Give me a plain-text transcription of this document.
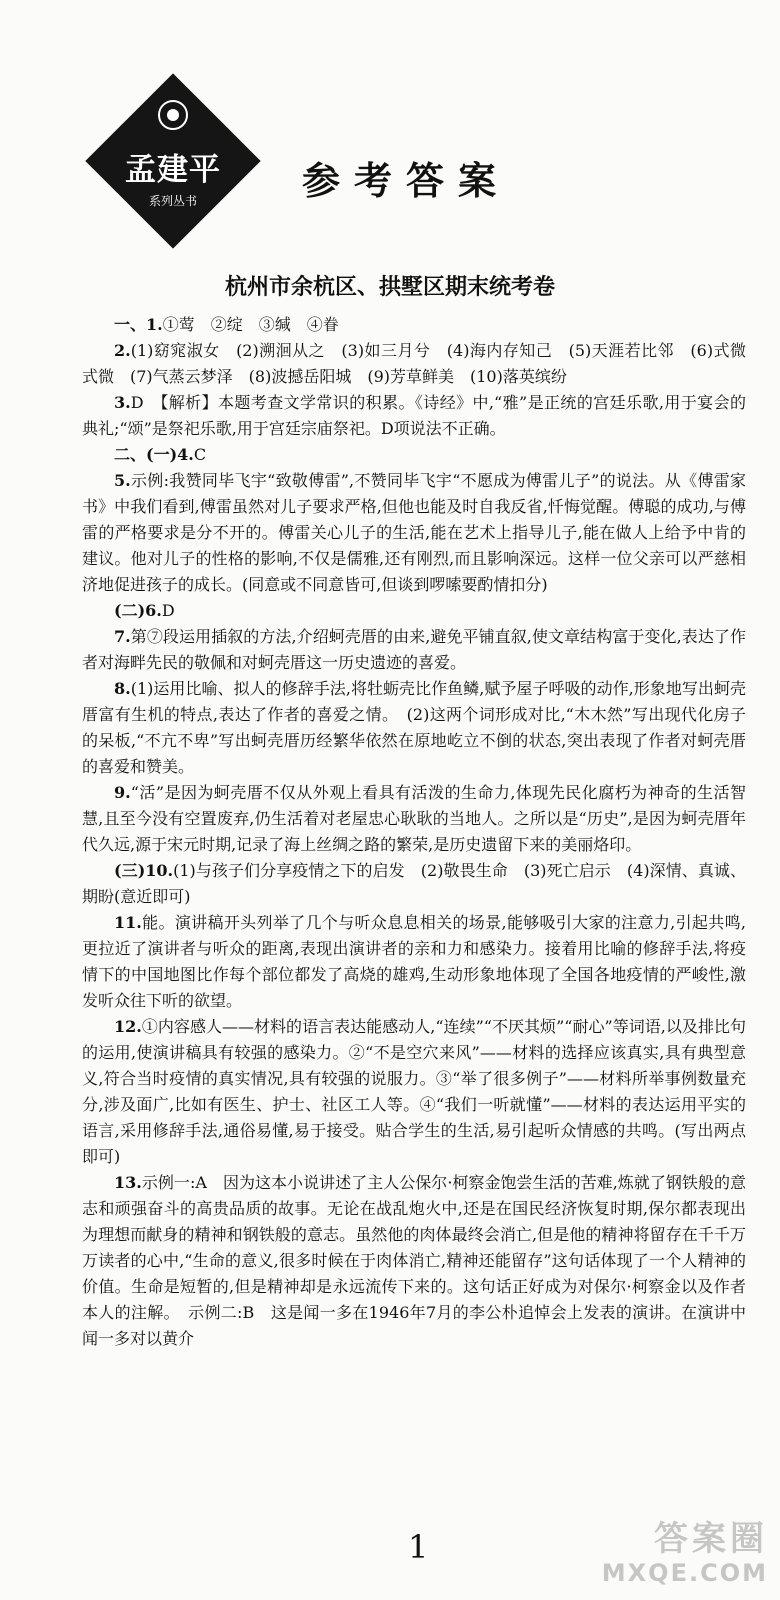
孟建平
系列丛书	参考答案
杭州市余杭区、拱墅区期末统考卷

一、1.①莺　②绽　③缄　④眷

2.(1)窈窕淑女　(2)溯洄从之　(3)如三月兮　(4)海内存知己　(5)天涯若比邻　(6)式微式微　(7)气蒸云梦泽　(8)波撼岳阳城　(9)芳草鲜美　(10)落英缤纷

3.D　【解析】本题考查文学常识的积累。《诗经》中,“雅”是正统的宫廷乐歌,用于宴会的典礼;“颂”是祭祀乐歌,用于宫廷宗庙祭祀。D项说法不正确。

二、(一)4.C

5.示例:我赞同毕飞宇“致敬傅雷”,不赞同毕飞宇“不愿成为傅雷儿子”的说法。从《傅雷家书》中我们看到,傅雷虽然对儿子要求严格,但他也能及时自我反省,忏悔觉醒。傅聪的成功,与傅雷的严格要求是分不开的。傅雷关心儿子的生活,能在艺术上指导儿子,能在做人上给予中肯的建议。他对儿子的性格的影响,不仅是儒雅,还有刚烈,而且影响深远。这样一位父亲可以严慈相济地促进孩子的成长。(同意或不同意皆可,但谈到啰嗦要酌情扣分)

(二)6.D

7.第⑦段运用插叙的方法,介绍蚵壳厝的由来,避免平铺直叙,使文章结构富于变化,表达了作者对海畔先民的敬佩和对蚵壳厝这一历史遗迹的喜爱。

8.(1)运用比喻、拟人的修辞手法,将牡蛎壳比作鱼鳞,赋予屋子呼吸的动作,形象地写出蚵壳厝富有生机的特点,表达了作者的喜爱之情。　(2)这两个词形成对比,“木木然”写出现代化房子的呆板,“不亢不卑”写出蚵壳厝历经繁华依然在原地屹立不倒的状态,突出表现了作者对蚵壳厝的喜爱和赞美。

9.“活”是因为蚵壳厝不仅从外观上看具有活泼的生命力,体现先民化腐朽为神奇的生活智慧,且至今没有空置废弃,仍生活着对老屋忠心耿耿的当地人。之所以是“历史”,是因为蚵壳厝年代久远,源于宋元时期,记录了海上丝绸之路的繁荣,是历史遗留下来的美丽烙印。

(三)10.(1)与孩子们分享疫情之下的启发　(2)敬畏生命　(3)死亡启示　(4)深情、真诚、期盼(意近即可)

11.能。演讲稿开头列举了几个与听众息息相关的场景,能够吸引大家的注意力,引起共鸣,更拉近了演讲者与听众的距离,表现出演讲者的亲和力和感染力。接着用比喻的修辞手法,将疫情下的中国地图比作每个部位都发了高烧的雄鸡,生动形象地体现了全国各地疫情的严峻性,激发听众往下听的欲望。

12.①内容感人——材料的语言表达能感动人,“连续”“不厌其烦”“耐心”等词语,以及排比句的运用,使演讲稿具有较强的感染力。②“不是空穴来风”——材料的选择应该真实,具有典型意义,符合当时疫情的真实情况,具有较强的说服力。③“举了很多例子”——材料所举事例数量充分,涉及面广,比如有医生、护士、社区工人等。④“我们一听就懂”——材料的表达运用平实的语言,采用修辞手法,通俗易懂,易于接受。贴合学生的生活,易引起听众情感的共鸣。(写出两点即可)

13.示例一:A　因为这本小说讲述了主人公保尔·柯察金饱尝生活的苦难,炼就了钢铁般的意志和顽强奋斗的高贵品质的故事。无论在战乱炮火中,还是在国民经济恢复时期,保尔都表现出为理想而献身的精神和钢铁般的意志。虽然他的肉体最终会消亡,但是他的精神将留存在千千万万读者的心中,“生命的意义,很多时候在于肉体消亡,精神还能留存”这句话体现了一个人精神的价值。生命是短暂的,但是精神却是永远流传下来的。这句话正好成为对保尔·柯察金以及作者本人的注解。　示例二:B　这是闻一多在1946年7月的李公朴追悼会上发表的演讲。在演讲中闻一多对以黄介

1	答案圈
MXQE.COM
